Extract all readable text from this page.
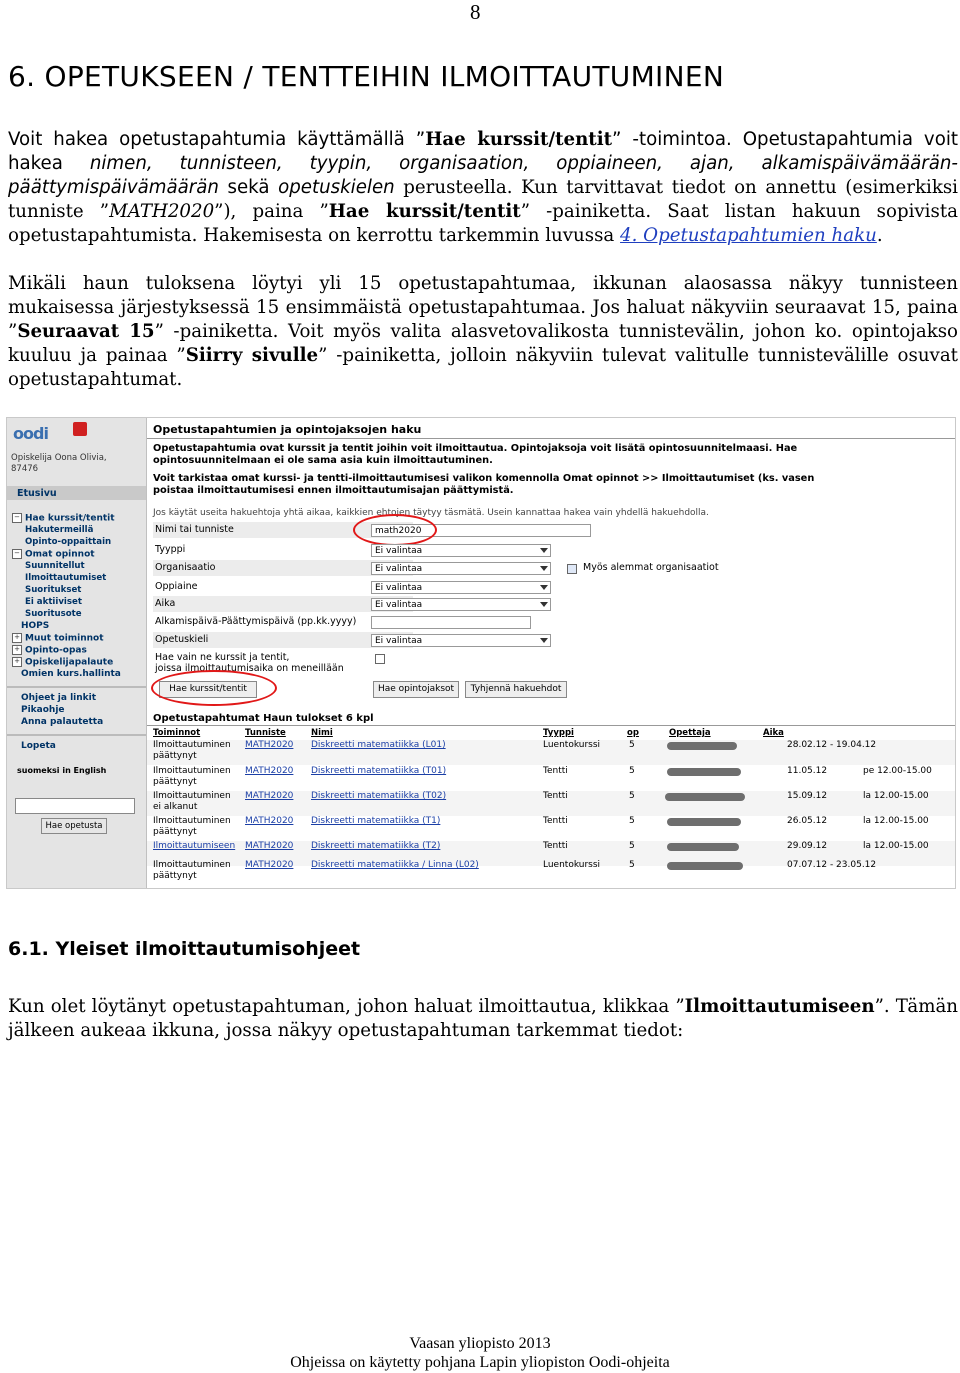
8
6. OPETUKSEEN / TENTTEIHIN ILMOITTAUTUMINEN
Voit hakea opetustapahtumia käyttämällä ”Hae kurssit/tentit” -toimintoa. Opetustapahtumia voit hakea nimen, tunnisteen, tyypin, organisaation, oppiaineen, ajan, alkamispäivämäärän-päättymispäivämäärän sekä opetuskielen perusteella. Kun tarvittavat tiedot on annettu (esimerkiksi tunniste ”MATH2020”), paina ”Hae kurssit/tentit” -painiketta. Saat listan hakuun sopivista opetustapahtumista. Hakemisesta on kerrottu tarkemmin luvussa 4. Opetustapahtumien haku.
Mikäli haun tuloksena löytyi yli 15 opetustapahtumaa, ikkunan alaosassa näkyy tunnisteen mukaisessa järjestyksessä 15 ensimmäistä opetustapahtumaa. Jos haluat näkyviin seuraavat 15, paina ”Seuraavat 15” -painiketta. Voit myös valita alasvetovalikosta tunnistevälin, johon ko. opintojakso kuuluu ja painaa ”Siirry sivulle” -painiketta, jolloin näkyviin tulevat valitulle tunnistevälille osuvat opetustapahtumat.
oodi
Opiskelija Oona Olivia,
87476
Etusivu
− Hae kurssit/tentit
Hakutermeillä
Opinto-oppaittain
− Omat opinnot
Suunnitellut
Ilmoittautumiset
Suoritukset
Ei aktiiviset
Suoritusote
HOPS
+ Muut toiminnot
+ Opinto-opas
+ Opiskelijapalaute
Omien kurs.hallinta
Ohjeet ja linkit
Pikaohje
Anna palautetta
Lopeta
suomeksi in English
Hae opetusta
Opetustapahtumien ja opintojaksojen haku
Opetustapahtumia ovat kurssit ja tentit joihin voit ilmoittautua. Opintojaksoja voit lisätä opintosuunnitelmaasi. Hae
opintosuunnitelmaan ei ole sama asia kuin ilmoittautuminen.
Voit tarkistaa omat kurssi- ja tentti-ilmoittautumisesi valikon komennolla Omat opinnot >> Ilmoittautumiset (ks. vasen
poistaa ilmoittautumisesi ennen ilmoittautumisajan päättymistä.
Jos käytät useita hakuehtoja yhtä aikaa, kaikkien ehtojen täytyy täsmätä. Usein kannattaa hakea vain yhdellä hakuehdolla.
Nimi tai tunniste	math2020
Tyyppi	Ei valintaa
Organisaatio	Ei valintaa	Myös alemmat organisaatiot
Oppiaine	Ei valintaa
Aika	Ei valintaa
Alkamispäivä-Päättymispäivä (pp.kk.yyyy)
Opetuskieli	Ei valintaa
Hae vain ne kurssit ja tentit,
joissa ilmoittautumisaika on meneillään
Hae kurssit/tentit	Hae opintojaksot	Tyhjennä hakuehdot
Opetustapahtumat Haun tulokset 6 kpl
Toiminnot	Tunniste	Nimi	Tyyppi	op	Opettaja	Aika
Ilmoittautuminen
päättynyt
MATH2020 Diskreetti matematiikka (L01)	Luentokurssi	5	28.02.12 - 19.04.12
Ilmoittautuminen
päättynyt
MATH2020 Diskreetti matematiikka (T01)	Tentti	5	11.05.12	pe 12.00-15.00
Ilmoittautuminen
ei alkanut
MATH2020 Diskreetti matematiikka (T02)	Tentti	5	15.09.12	la 12.00-15.00
Ilmoittautuminen
päättynyt
MATH2020 Diskreetti matematiikka (T1)	Tentti	5	26.05.12	la 12.00-15.00
Ilmoittautumiseen MATH2020 Diskreetti matematiikka (T2)	Tentti	5	29.09.12	la 12.00-15.00
Ilmoittautuminen
päättynyt
MATH2020 Diskreetti matematiikka / Linna (L02)	Luentokurssi	5	07.07.12 - 23.05.12
6.1. Yleiset ilmoittautumisohjeet
Kun olet löytänyt opetustapahtuman, johon haluat ilmoittautua, klikkaa ”Ilmoittautumiseen”. Tämän jälkeen aukeaa ikkuna, jossa näkyy opetustapahtuman tarkemmat tiedot:
Vaasan yliopisto 2013
Ohjeissa on käytetty pohjana Lapin yliopiston Oodi-ohjeita
